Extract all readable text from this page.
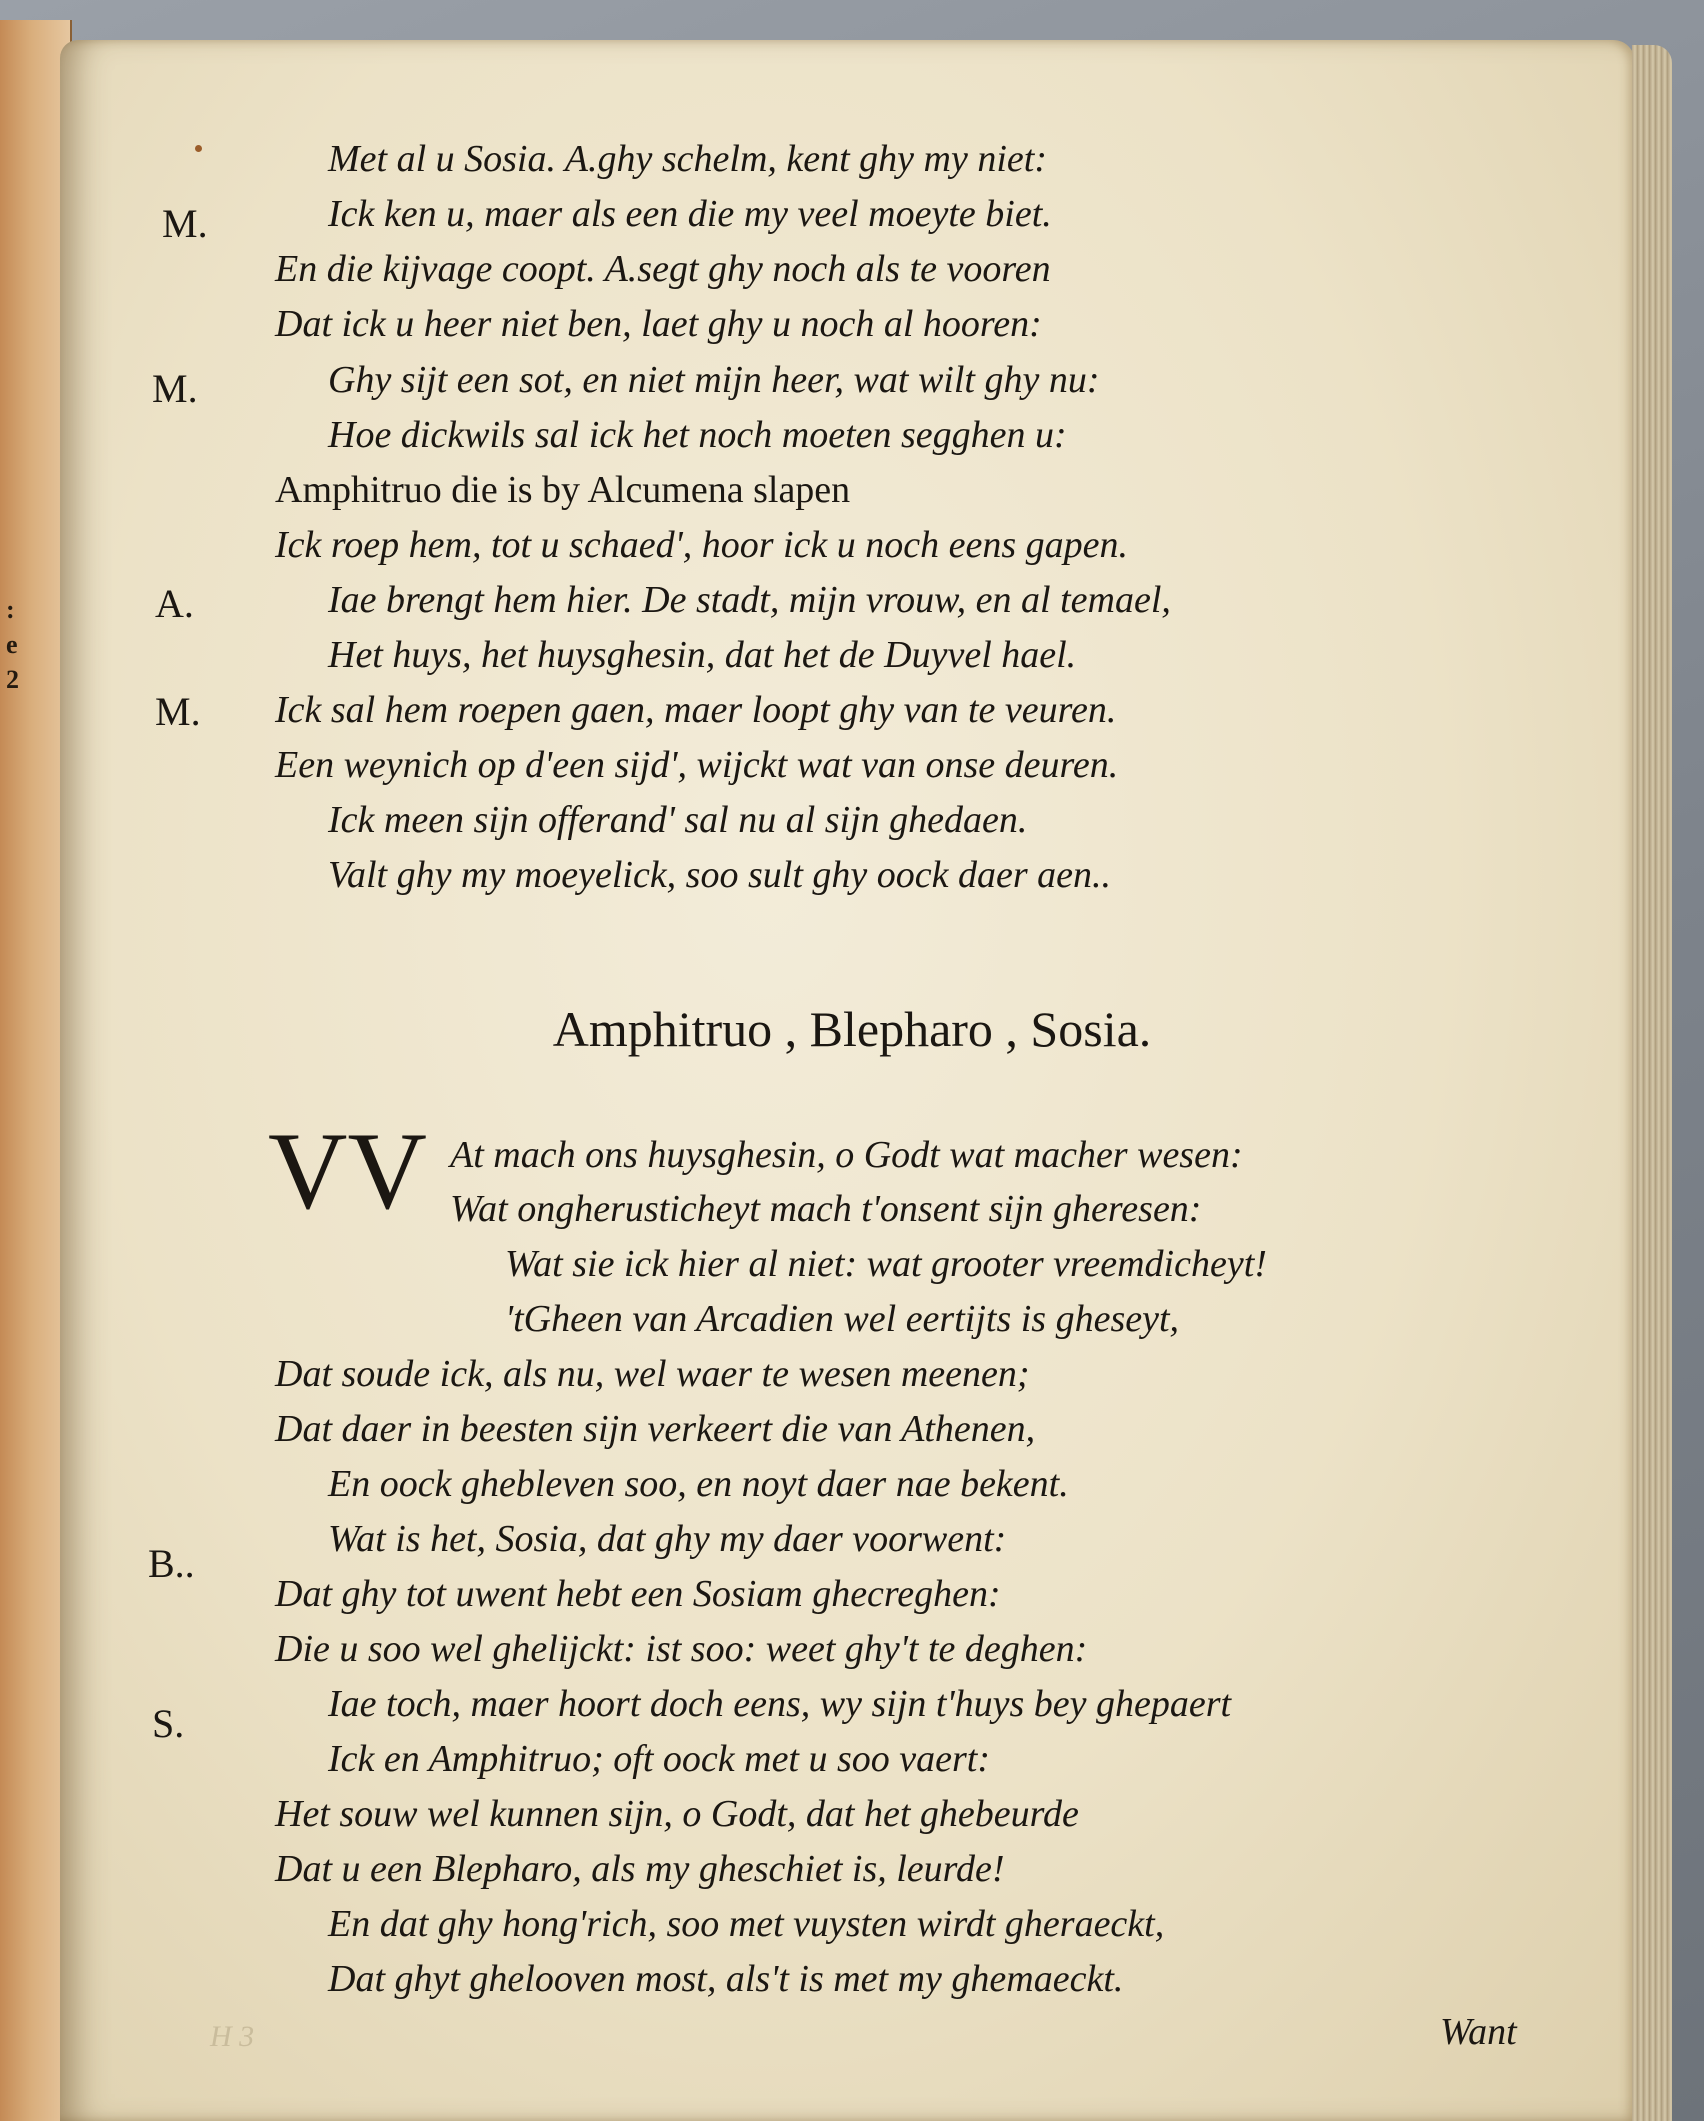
:
e
2
M.
M.
A.
M.
B..
S.
Met al u Sosia. A.ghy schelm, kent ghy my niet:
Ick ken u, maer als een die my veel moeyte biet.
En die kijvage coopt. A.segt ghy noch als te vooren
Dat ick u heer niet ben, laet ghy u noch al hooren:
Ghy sijt een sot, en niet mijn heer, wat wilt ghy nu:
Hoe dickwils sal ick het noch moeten segghen u:
Amphitruo die is by Alcumena slapen
Ick roep hem, tot u schaed', hoor ick u noch eens gapen.
Iae brengt hem hier. De stadt, mijn vrouw, en al temael,
Het huys, het huysghesin, dat het de Duyvel hael.
Ick sal hem roepen gaen, maer loopt ghy van te veuren.
Een weynich op d'een sijd', wijckt wat van onse deuren.
Ick meen sijn offerand' sal nu al sijn ghedaen.
Valt ghy my moeyelick, soo sult ghy oock daer aen..
Amphitruo , Blepharo , Sosia.
VV At mach ons huysghesin, o Godt wat macher wesen:
Wat ongherusticheyt mach t'onsent sijn gheresen:
Wat sie ick hier al niet: wat grooter vreemdicheyt!
'tGheen van Arcadien wel eertijts is gheseyt,
Dat soude ick, als nu, wel waer te wesen meenen;
Dat daer in beesten sijn verkeert die van Athenen,
En oock ghebleven soo, en noyt daer nae bekent.
Wat is het, Sosia, dat ghy my daer voorwent:
Dat ghy tot uwent hebt een Sosiam ghecreghen:
Die u soo wel ghelijckt: ist soo: weet ghy't te deghen:
Iae toch, maer hoort doch eens, wy sijn t'huys bey ghepaert
Ick en Amphitruo; oft oock met u soo vaert:
Het souw wel kunnen sijn, o Godt, dat het ghebeurde
Dat u een Blepharo, als my gheschiet is, leurde!
En dat ghy hong'rich, soo met vuysten wirdt gheraeckt,
Dat ghyt ghelooven most, als't is met my ghemaeckt.
Want
H 3
